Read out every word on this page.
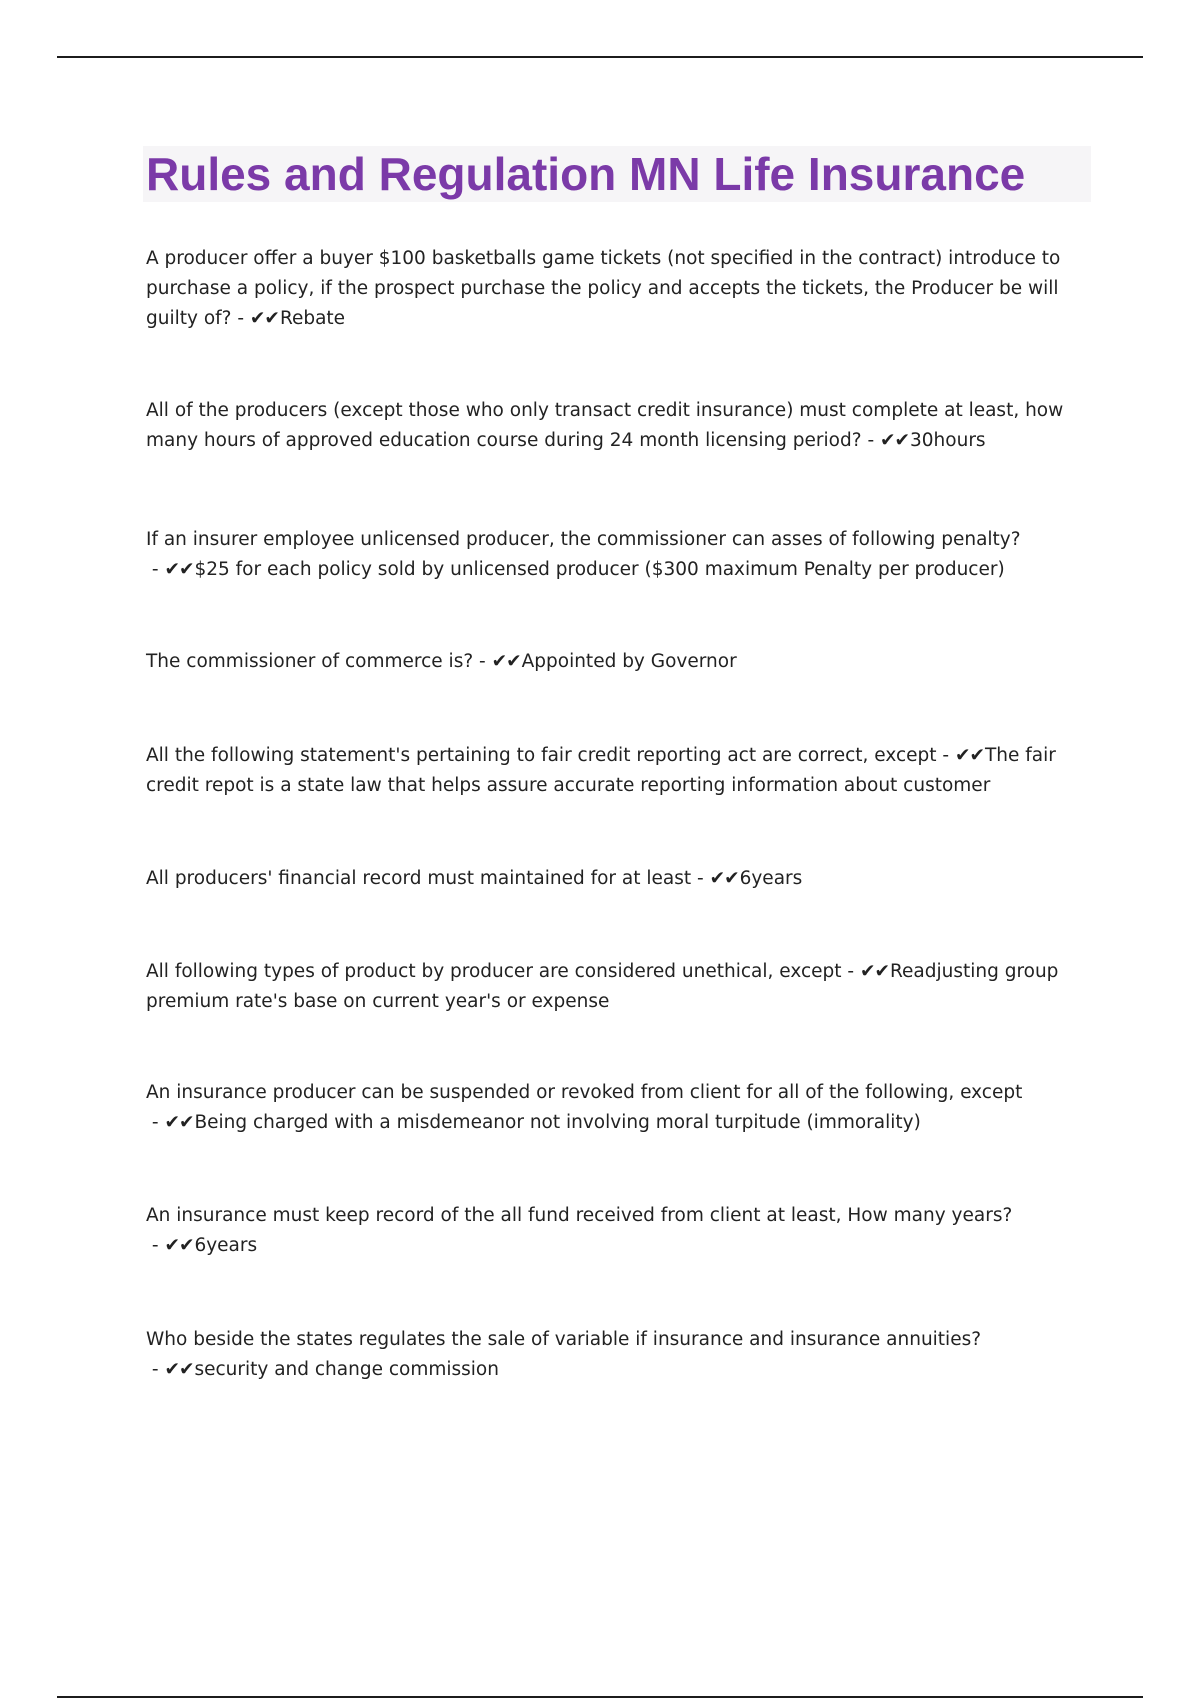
Rules and Regulation MN Life Insurance

A producer offer a buyer $100 basketballs game tickets (not specified in the contract) introduce to purchase a policy, if the prospect purchase the policy and accepts the tickets, the Producer be will guilty of? - ✔✔Rebate

All of the producers (except those who only transact credit insurance) must complete at least, how many hours of approved education course during 24 month licensing period? - ✔✔30hours

If an insurer employee unlicensed producer, the commissioner can asses of following penalty? - ✔✔$25 for each policy sold by unlicensed producer ($300 maximum Penalty per producer)

The commissioner of commerce is? - ✔✔Appointed by Governor

All the following statement's pertaining to fair credit reporting act are correct, except - ✔✔The fair credit repot is a state law that helps assure accurate reporting information about customer

All producers' financial record must maintained for at least - ✔✔6years

All following types of product by producer are considered unethical, except - ✔✔Readjusting group premium rate's base on current year's or expense

An insurance producer can be suspended or revoked from client for all of the following, except - ✔✔Being charged with a misdemeanor not involving moral turpitude (immorality)

An insurance must keep record of the all fund received from client at least, How many years? - ✔✔6years

Who beside the states regulates the sale of variable if insurance and insurance annuities? - ✔✔security and change commission
